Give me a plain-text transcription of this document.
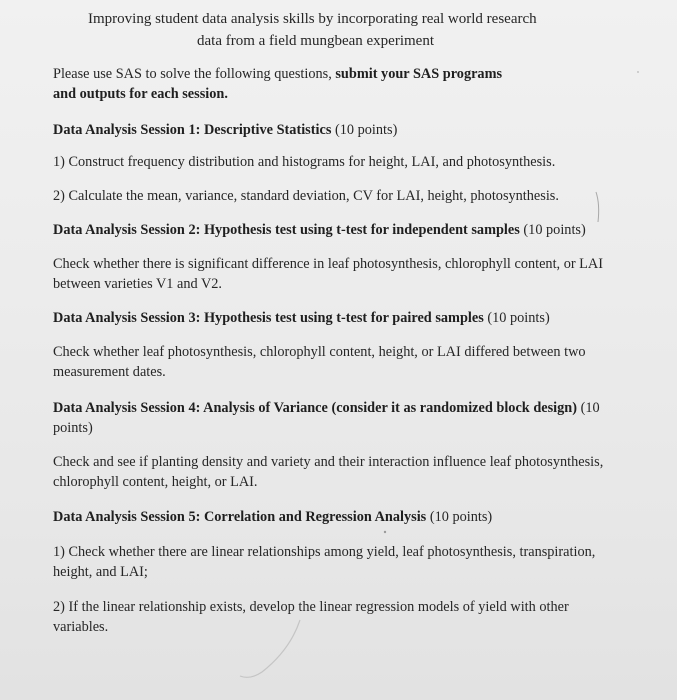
Improving student data analysis skills by incorporating real world research
data from a field mungbean experiment
Please use SAS to solve the following questions, submit your SAS programs
and outputs for each session.
Data Analysis Session 1: Descriptive Statistics (10 points)
1) Construct frequency distribution and histograms for height, LAI, and photosynthesis.
2) Calculate the mean, variance, standard deviation, CV for LAI, height, photosynthesis.
Data Analysis Session 2: Hypothesis test using t-test for independent samples (10 points)
Check whether there is significant difference in leaf photosynthesis, chlorophyll content, or LAI
between varieties V1 and V2.
Data Analysis Session 3: Hypothesis test using t-test for paired samples (10 points)
Check whether leaf photosynthesis, chlorophyll content, height, or LAI differed between two
measurement dates.
Data Analysis Session 4: Analysis of Variance (consider it as randomized block design) (10
points)
Check and see if planting density and variety and their interaction influence leaf photosynthesis,
chlorophyll content, height, or LAI.
Data Analysis Session 5: Correlation and Regression Analysis (10 points)
1) Check whether there are linear relationships among yield, leaf photosynthesis, transpiration,
height, and LAI;
2) If the linear relationship exists, develop the linear regression models of yield with other
variables.
